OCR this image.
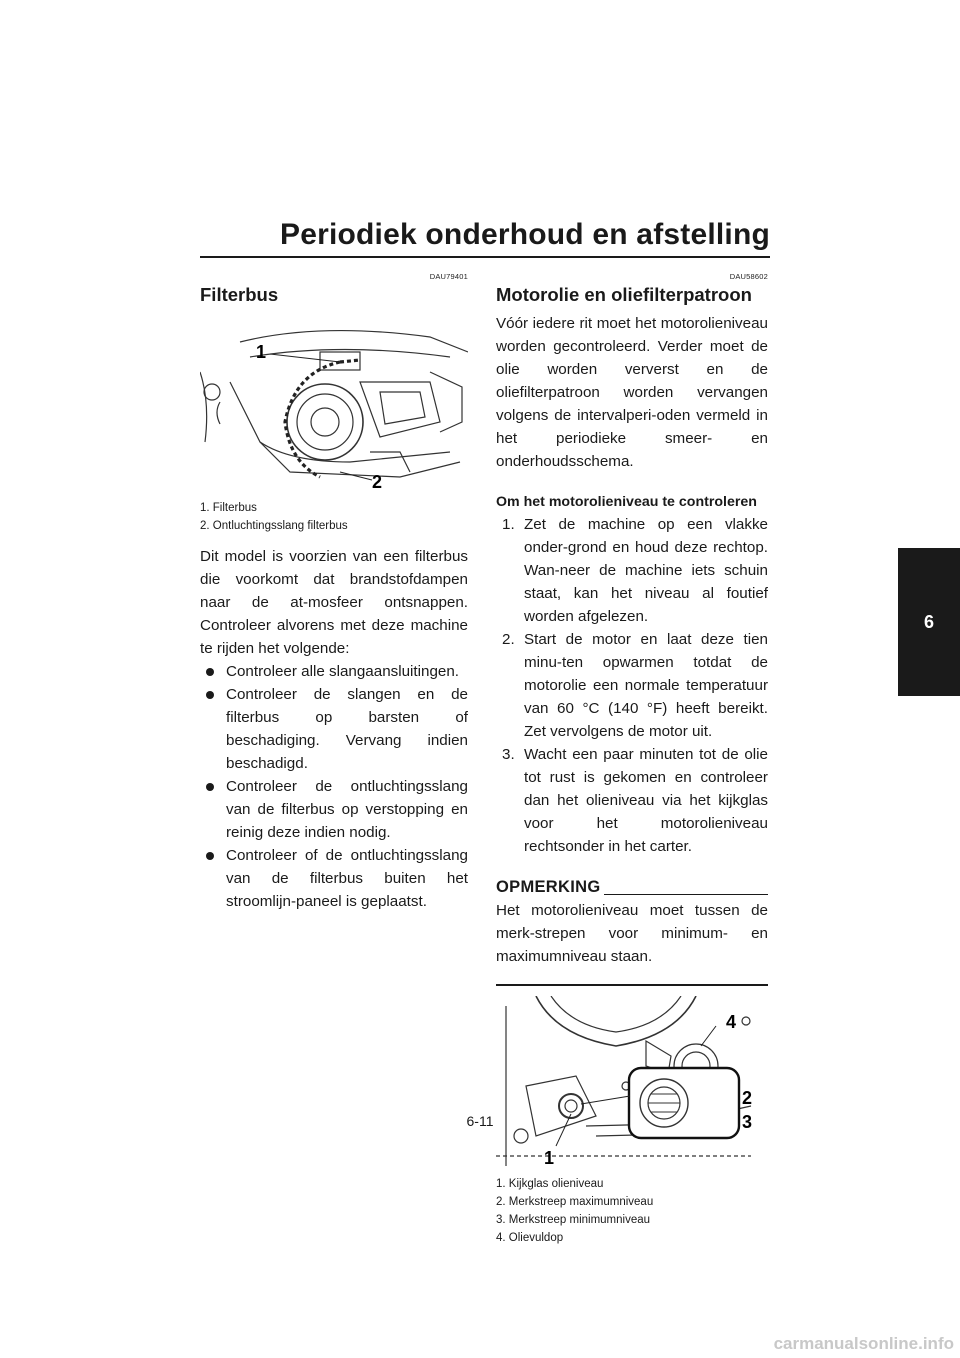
Periodiek onderhoud en afstelling
6
DAU79401
Filterbus
1
2
1. Filterbus
2. Ontluchtingsslang filterbus

Dit model is voorzien van een filterbus die voorkomt dat brandstofdampen naar de at-mosfeer ontsnappen. Controleer alvorens met deze machine te rijden het volgende:

Controleer alle slangaansluitingen.
Controleer de slangen en de filterbus op barsten of beschadiging. Vervang indien beschadigd.
Controleer de ontluchtingsslang van de filterbus op verstopping en reinig deze indien nodig.
Controleer of de ontluchtingsslang van de filterbus buiten het stroomlijn-paneel is geplaatst.
DAU58602
Motorolie en oliefilterpatroon

Vóór iedere rit moet het motorolieniveau worden gecontroleerd. Verder moet de olie worden ververst en de oliefilterpatroon worden vervangen volgens de intervalperi-oden vermeld in het periodieke smeer- en onderhoudsschema.

Om het motorolieniveau te controleren
1. Zet de machine op een vlakke onder-grond en houd deze rechtop. Wan-neer de machine iets schuin staat, kan het niveau al foutief worden afgelezen.
2. Start de motor en laat deze tien minu-ten opwarmen totdat de motorolie een normale temperatuur van 60 °C (140 °F) heeft bereikt. Zet vervolgens de motor uit.
3. Wacht een paar minuten tot de olie tot rust is gekomen en controleer dan het olieniveau via het kijkglas voor het motorolieniveau rechtsonder in het carter.
OPMERKING

Het motorolieniveau moet tussen de merk-strepen voor minimum- en maximumniveau staan.

1
2
3
4
1. Kijkglas olieniveau
2. Merkstreep maximumniveau
3. Merkstreep minimumniveau
4. Olievuldop
6-11
carmanualsonline.info
